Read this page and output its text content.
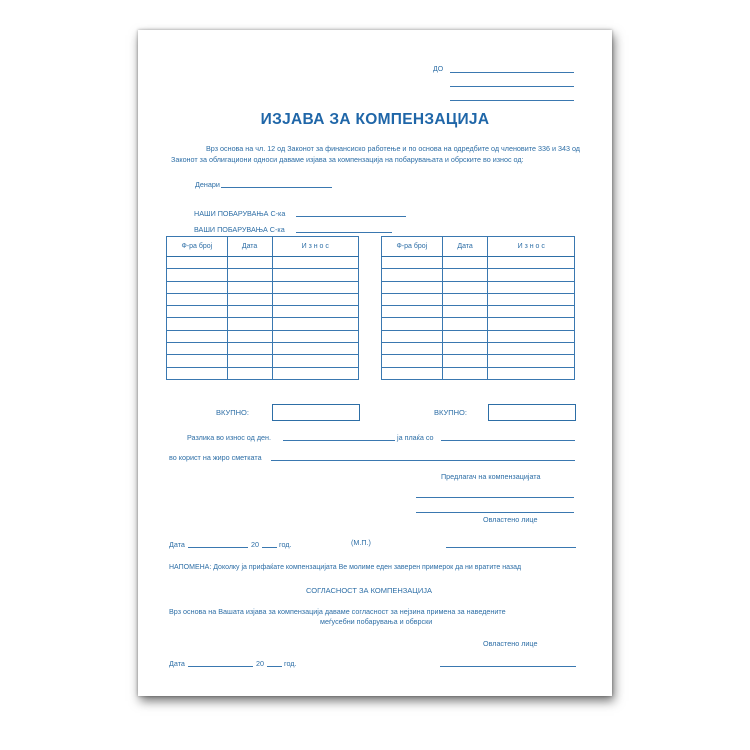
ДО
ИЗЈАВА ЗА КОМПЕНЗАЦИЈА
Врз основа на чл. 12 од Законот за финансиско работење и по основа на одредбите од членовите 336 и 343 од Законот за облигациони односи даваме изјава за компензација на побарувањата и обрските во износ од:
Денари
НАШИ ПОБАРУВАЊА С-ка
ВАШИ ПОБАРУВАЊА С-ка
Ф-ра број	Дата	И з н о с

ВКУПНО:
Ф-ра број	Дата	И з н о с

ВКУПНО:
Разлика во износ од ден.	ја плаќа со
во корист на жиро сметката
Предлагач на компензацијата
Овластено лице
Дата	20	год.	(М.П.)
НАПОМЕНА: Доколку ја прифаќате компензацијата Ве молиме еден заверен примерок да ни вратите назад
СОГЛАСНОСТ ЗА КОМПЕНЗАЦИЈА
Врз основа на Вашата изјава за компензација даваме согласност за нејзина примена за наведените
меѓусебни побарувања и обврски
Овластено лице
Дата	20	год.
